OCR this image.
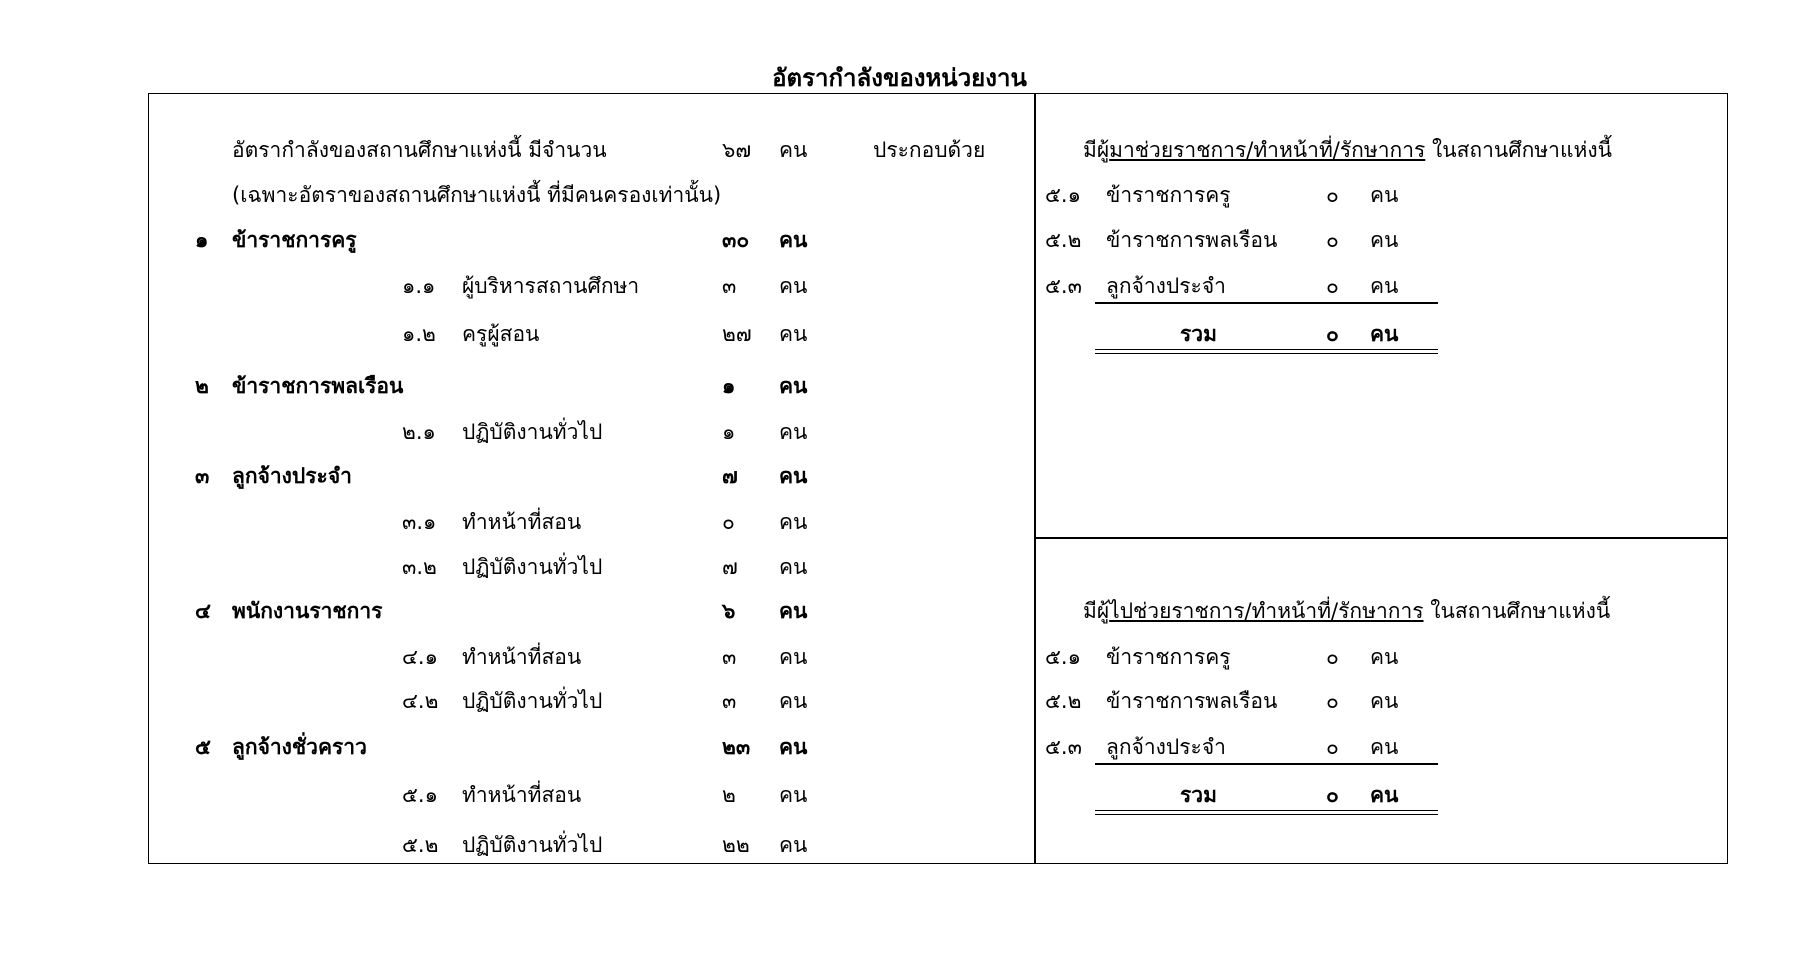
อัตรากำลังของหน่วยงาน
อัตรากำลังของสถานศึกษาแห่งนี้ มีจำนวน	๖๗ คน	ประกอบด้วย
(เฉพาะอัตราของสถานศึกษาแห่งนี้ ที่มีคนครองเท่านั้น)
๑ ข้าราชการครู	๓๐ คน
๑.๑ ผู้บริหารสถานศึกษา	๓ คน
๑.๒ ครูผู้สอน	๒๗ คน
๒ ข้าราชการพลเรือน	๑ คน
๒.๑ ปฏิบัติงานทั่วไป	๑ คน
๓ ลูกจ้างประจำ	๗ คน
๓.๑ ทำหน้าที่สอน	๐ คน
๓.๒ ปฏิบัติงานทั่วไป	๗ คน
๔ พนักงานราชการ	๖ คน
๔.๑ ทำหน้าที่สอน	๓ คน
๔.๒ ปฏิบัติงานทั่วไป	๓ คน
๕ ลูกจ้างชั่วคราว	๒๓ คน
๕.๑ ทำหน้าที่สอน	๒ คน
๕.๒ ปฏิบัติงานทั่วไป	๒๒ คน
มีผู้มาช่วยราชการ/ทำหน้าที่/รักษาการ ในสถานศึกษาแห่งนี้
๕.๑ ข้าราชการครู	๐ คน
๕.๒ ข้าราชการพลเรือน ๐ คน
๕.๓ ลูกจ้างประจำ	๐ คน
รวม	๐ คน
มีผู้ไปช่วยราชการ/ทำหน้าที่/รักษาการ ในสถานศึกษาแห่งนี้
๕.๑ ข้าราชการครู	๐ คน
๕.๒ ข้าราชการพลเรือน ๐ คน
๕.๓ ลูกจ้างประจำ	๐ คน
รวม	๐ คน
